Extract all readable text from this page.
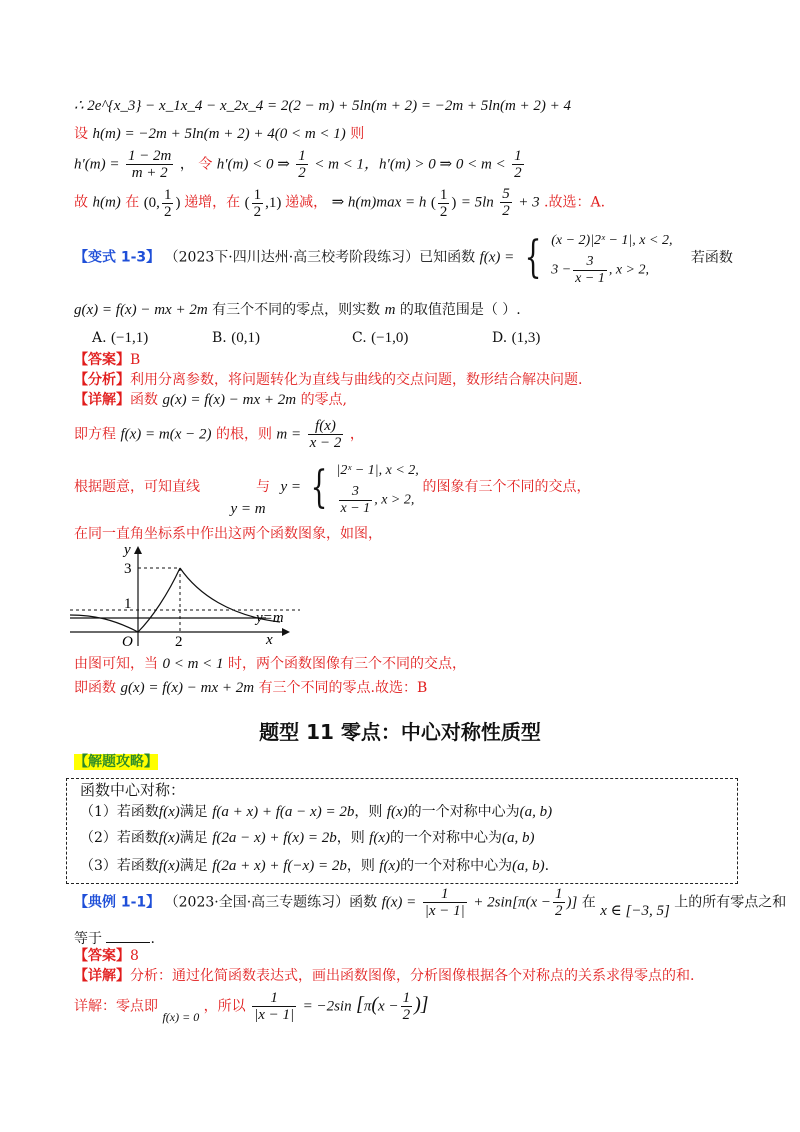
∴ 2e^{x_3} − x_1x_4 − x_2x_4 = 2(2 − m) + 5ln(m + 2) = −2m + 5ln(m + 2) + 4
设 h(m) = −2m + 5ln(m + 2) + 4(0 < m < 1) 则
$h'(m) = \frac{1 - 2m}{m + 2}$ ， 令 h′(m) < 0 ⇒ $\frac{1}{2} < m < 1$，h′(m) > 0 ⇒ $0 < m < \frac{1}{2}$
故 h(m) 在 (0, $\frac{1}{2}$ ) 递增，在 ( $\frac{1}{2} ,1$) 递减， ⇒ h(m)max = h ( $\frac{1}{2}$ ) = $5\ln \frac{5}{2} + 3$ .故选：A.
【变式 1-3】 （2023下·四川达州·高三校考阶段练习）已知函数 f(x) = { (x − 2)|2ˣ − 1|, x < 2,
$3 - \frac{3}{x - 1}$ , x > 2,
若函数
g(x) = f(x) − mx + 2m 有三个不同的零点，则实数 m 的取值范围是（ ）.
A. (−1,1)	B. (0,1)	C. (−1,0)	D. (1,3)
【答案】B
【分析】利用分离参数，将问题转化为直线与曲线的交点问题，数形结合解决问题.
【详解】函数 g(x) = f(x) − mx + 2m 的零点,
即方程 f(x) = m(x − 2) 的根，则 $m = \frac{f(x)}{x - 2}$ ，
根据题意，可知直线 y = m 与 y = { |2ˣ − 1|, x < 2,
$\frac{3}{x - 1}$ , x > 2,
的图象有三个不同的交点，
在同一直角坐标系中作出这两个函数图象，如图，
y
x
O
3
1
2
y=m
由图可知，当 0 < m < 1 时，两个函数图像有三个不同的交点，
即函数 g(x) = f(x) − mx + 2m 有三个不同的零点.故选：B
题型 11 零点：中心对称性质型
【解题攻略】
函数中心对称：
（1）若函数f(x)满足 f(a + x) + f(a − x) = 2b，则 f(x)的一个对称中心为(a, b)
（2）若函数f(x)满足 f(2a − x) + f(x) = 2b，则 f(x)的一个对称中心为(a, b)
（3）若函数f(x)满足 f(2a + x) + f(−x) = 2b，则 f(x)的一个对称中心为(a, b).
【典例 1-1】 （2023·全国·高三专题练习）函数 $f(x) = \frac{1}{|x - 1|} + 2\sin[\pi(x - \frac{1}{2}$ )] 在 x ∈ [−3, 5] 上的所有零点之和
等于	.
【答案】8
【详解】分析：通过化简函数表达式，画出函数图像，分析图像根据各个对称点的关系求得零点的和.
详解：零点即 f(x) = 0 ，所以 $\frac{1}{|x - 1|} = -2\sin$ [$\pi(x - \frac{1}{2}$ )]
